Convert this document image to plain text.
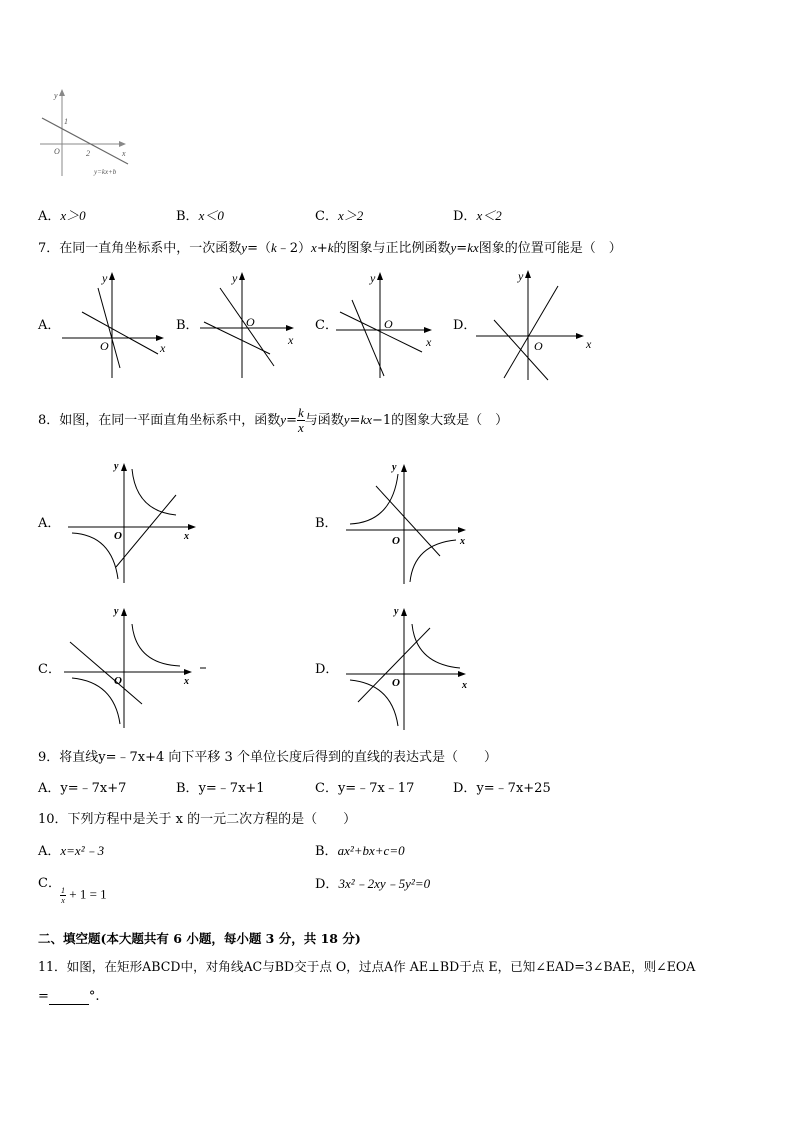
y
x
O
1
2
y=kx+b
A．x＞0	B．x＜0	C．x＞2	D．x＜2
7．在同一直角坐标系中，一次函数y=（k﹣2）x+k的图象与正比例函数y=kx图象的位置可能是（　）
A．	B．	C．	D．
y
x
O
y
x
O
y
x
O
y
x
O
8．如图，在同一平面直角坐标系中，函数$y= \frac{k}{x}$ 与函数y=kx−1的图象大致是（　）
A．	B．
C．	D．
y
x
O
y
x
O
y
x
O
y
x
O
9．将直线y=﹣7x+4 向下平移 3 个单位长度后得到的直线的表达式是（　　）
A．y=﹣7x+7	B．y=﹣7x+1	C．y=﹣7x﹣17	D．y=﹣7x+25
10．下列方程中是关于 x 的一元二次方程的是（　　）
A．x=x²﹣3	B．ax²+bx+c=0
C．
$\frac{1}{x} + 1 = 1$
D．3x²﹣2xy﹣5y²=0
二、填空题(本大题共有 6 小题，每小题 3 分，共 18 分)
11．如图，在矩形ABCD中，对角线AC与BD交于点 O，过点A作 AE⊥BD于点 E，已知∠EAD=3∠BAE，则∠EOA
=	°.
